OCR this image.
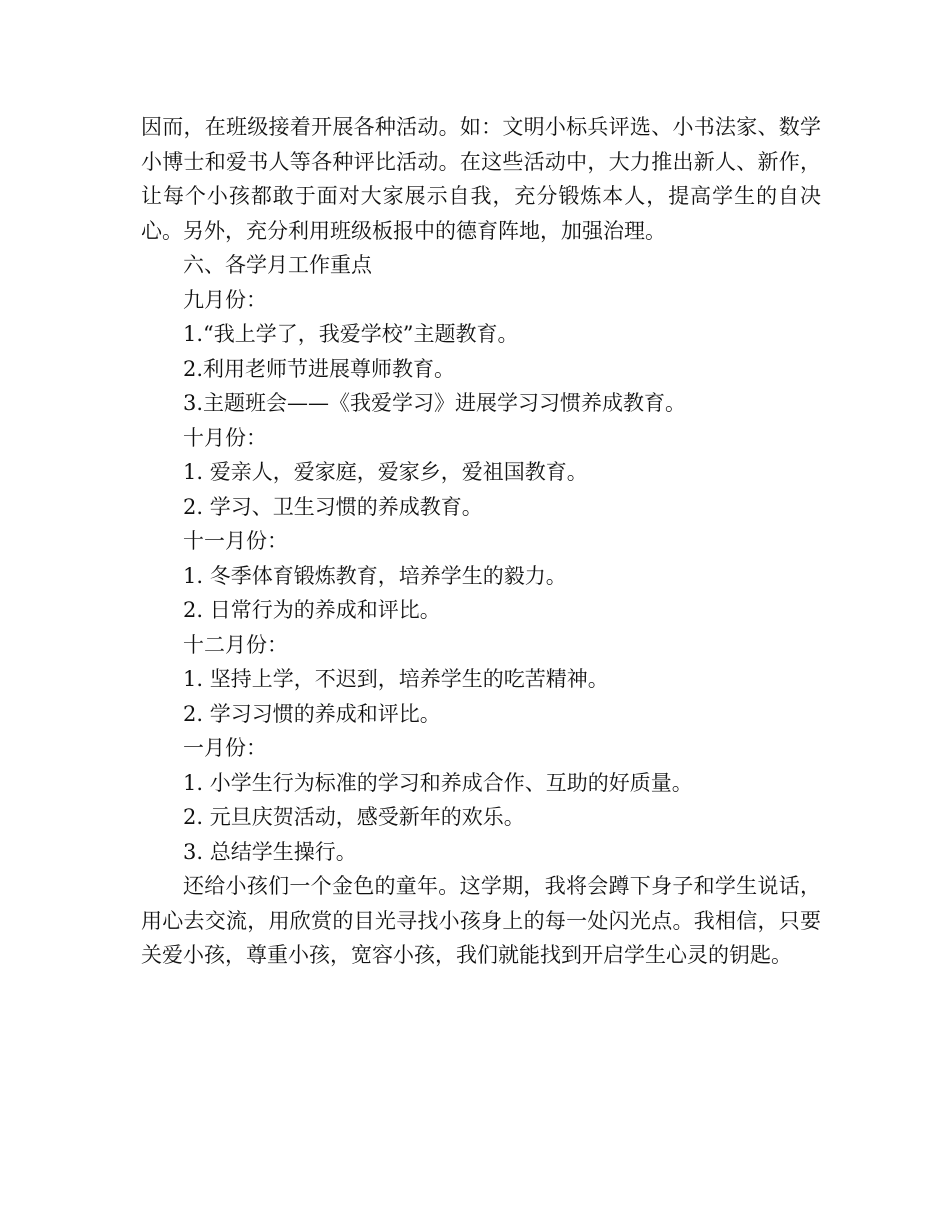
因而，在班级接着开展各种活动。如：文明小标兵评选、小书法家、数学小博士和爱书人等各种评比活动。在这些活动中，大力推出新人、新作，让每个小孩都敢于面对大家展示自我，充分锻炼本人，提高学生的自决心。另外，充分利用班级板报中的德育阵地，加强治理。

六、各学月工作重点

九月份：

1.“我上学了，我爱学校”主题教育。

2.利用老师节进展尊师教育。

3.主题班会——《我爱学习》进展学习习惯养成教育。

十月份：

1. 爱亲人，爱家庭，爱家乡，爱祖国教育。

2. 学习、卫生习惯的养成教育。

十一月份：

1. 冬季体育锻炼教育，培养学生的毅力。

2. 日常行为的养成和评比。

十二月份：

1. 坚持上学，不迟到，培养学生的吃苦精神。

2. 学习习惯的养成和评比。

一月份：

1. 小学生行为标准的学习和养成合作、互助的好质量。

2. 元旦庆贺活动，感受新年的欢乐。

3. 总结学生操行。

还给小孩们一个金色的童年。这学期，我将会蹲下身子和学生说话，用心去交流，用欣赏的目光寻找小孩身上的每一处闪光点。我相信，只要关爱小孩，尊重小孩，宽容小孩，我们就能找到开启学生心灵的钥匙。
